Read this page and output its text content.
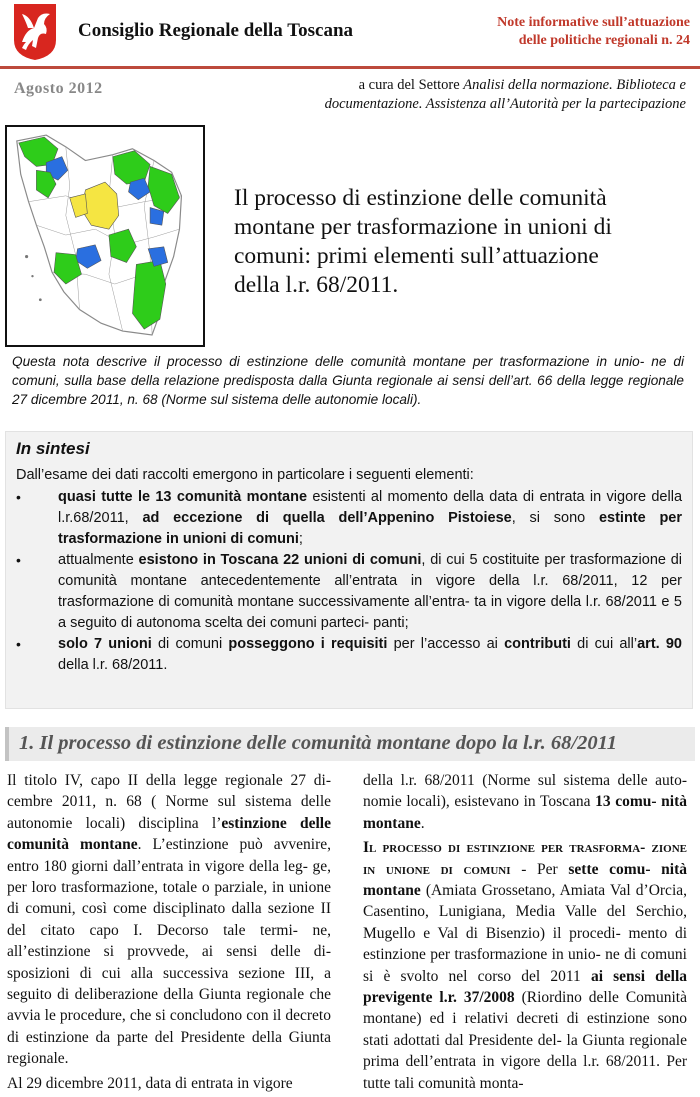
Consiglio Regionale della Toscana	Note informative sull’attuazione
delle politiche regionali n. 24
Agosto 2012	a cura del Settore Analisi della normazione. Biblioteca e
documentazione. Assistenza all’Autorità per la partecipazione
Il processo di estinzione delle comunità
montane per trasformazione in unioni di
comuni: primi elementi sull’attuazione
della l.r. 68/2011.

Questa nota descrive il processo di estinzione delle comunità montane per trasformazione in unio- ne di comuni, sulla base della relazione predisposta dalla Giunta regionale ai sensi dell’art. 66 della legge regionale 27 dicembre 2011, n. 68 (Norme sul sistema delle autonomie locali).

In sintesi

Dall’esame dei dati raccolti emergono in particolare i seguenti elementi:

•	quasi tutte le 13 comunità montane esistenti al momento della data di entrata in vigore della l.r.68/2011, ad eccezione di quella dell’Appenino Pistoiese, si sono estinte per trasformazione in unioni di comuni;
•	attualmente esistono in Toscana 22 unioni di comuni, di cui 5 costituite per trasformazione di comunità montane antecedentemente all’entrata in vigore della l.r. 68/2011, 12 per trasformazione di comunità montane successivamente all’entra- ta in vigore della l.r. 68/2011 e 5 a seguito di autonoma scelta dei comuni parteci- panti;
•	solo 7 unioni di comuni posseggono i requisiti per l’accesso ai contributi di cui all’art. 90 della l.r. 68/2011.
1. Il processo di estinzione delle comunità montane dopo la l.r. 68/2011

Il titolo IV, capo II della legge regionale 27 di- cembre 2011, n. 68 ( Norme sul sistema delle autonomie locali) disciplina l’estinzione delle comunità montane. L’estinzione può avvenire, entro 180 giorni dall’entrata in vigore della leg- ge, per loro trasformazione, totale o parziale, in unione di comuni, così come disciplinato dalla sezione II del citato capo I. Decorso tale termi- ne, all’estinzione si provvede, ai sensi delle di- sposizioni di cui alla successiva sezione III, a seguito di deliberazione della Giunta regionale che avvia le procedure, che si concludono con il decreto di estinzione da parte del Presidente della Giunta regionale.

Al 29 dicembre 2011, data di entrata in vigore

della l.r. 68/2011 (Norme sul sistema delle auto- nomie locali), esistevano in Toscana 13 comu- nità montane.

Il processo di estinzione per trasforma- zione in unione di comuni - Per sette comu- nità montane (Amiata Grossetano, Amiata Val d’Orcia, Casentino, Lunigiana, Media Valle del Serchio, Mugello e Val di Bisenzio) il procedi- mento di estinzione per trasformazione in unio- ne di comuni si è svolto nel corso del 2011 ai sensi della previgente l.r. 37/2008 (Riordino delle Comunità montane) ed i relativi decreti di estinzione sono stati adottati dal Presidente del- la Giunta regionale prima dell’entrata in vigore della l.r. 68/2011. Per tutte tali comunità monta-
